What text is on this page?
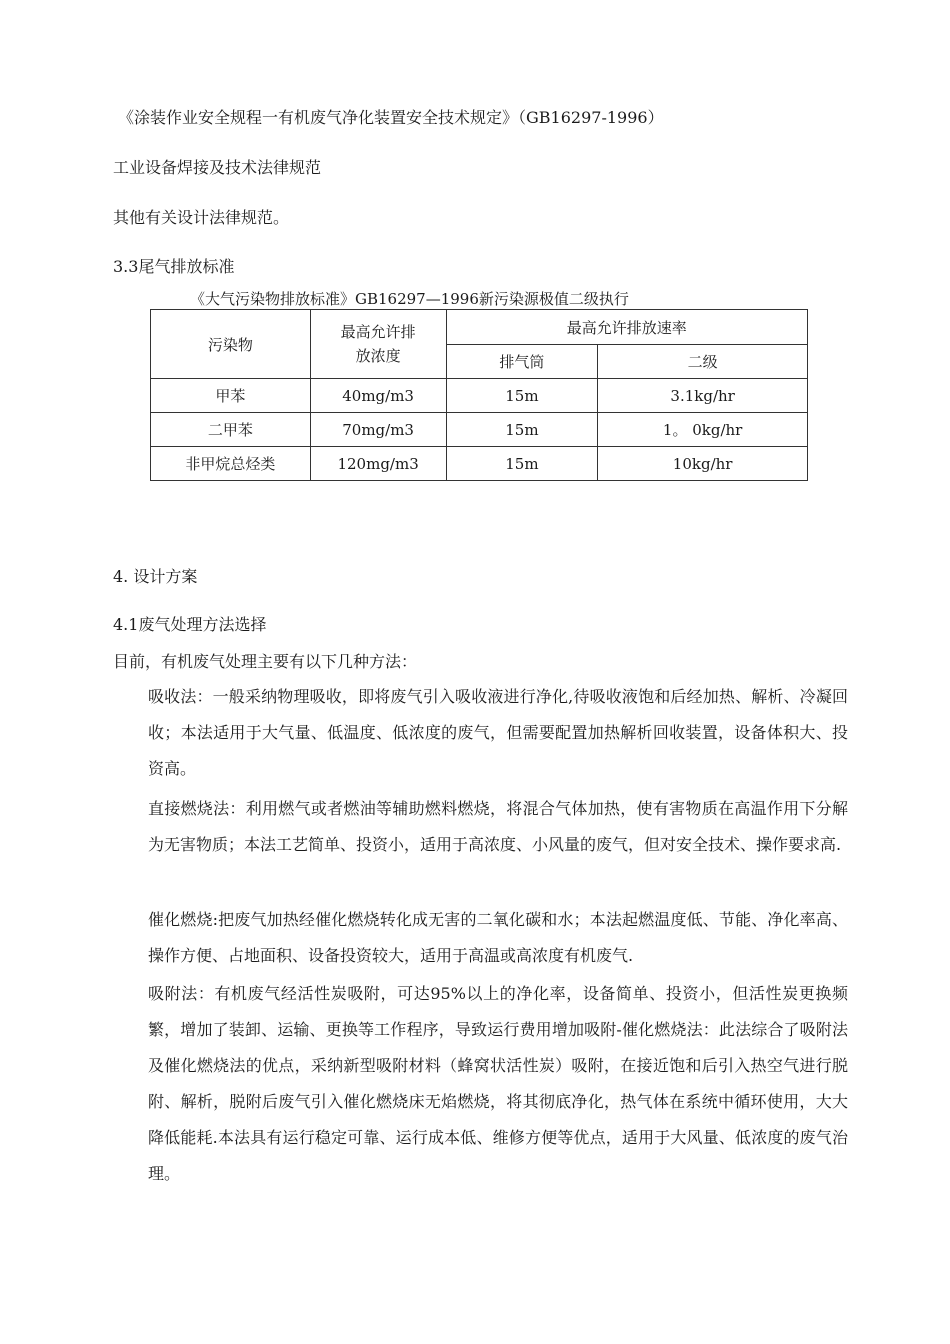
《涂装作业安全规程一有机废气净化装置安全技术规定》（GB16297-1996）
工业设备焊接及技术法律规范
其他有关设计法律规范。
3.3尾气排放标准
《大气污染物排放标准》GB16297—1996新污染源极值二级执行
污染物	最高允许排放浓度	最高允许排放速率	
		排气筒	二级
甲苯	40mg/m3	15m	3.1kg/hr
二甲苯	70mg/m3	15m	1。 0kg/hr
非甲烷总烃类	120mg/m3	15m	10kg/hr
4. 设计方案
4.1废气处理方法选择
目前，有机废气处理主要有以下几种方法：
吸收法：一般采纳物理吸收，即将废气引入吸收液进行净化,待吸收液饱和后经加热、解析、冷凝回收；本法适用于大气量、低温度、低浓度的废气，但需要配置加热解析回收装置，设备体积大、投资高。
直接燃烧法：利用燃气或者燃油等辅助燃料燃烧，将混合气体加热，使有害物质在高温作用下分解为无害物质；本法工艺简单、投资小，适用于高浓度、小风量的废气，但对安全技术、操作要求高.
催化燃烧:把废气加热经催化燃烧转化成无害的二氧化碳和水；本法起燃温度低、节能、净化率高、操作方便、占地面积、设备投资较大，适用于高温或高浓度有机废气.
吸附法：有机废气经活性炭吸附，可达95%以上的净化率，设备简单、投资小，但活性炭更换频繁，增加了装卸、运输、更换等工作程序，导致运行费用增加吸附-催化燃烧法：此法综合了吸附法及催化燃烧法的优点，采纳新型吸附材料（蜂窝状活性炭）吸附，在接近饱和后引入热空气进行脱附、解析，脱附后废气引入催化燃烧床无焰燃烧，将其彻底净化，热气体在系统中循环使用，大大降低能耗.本法具有运行稳定可靠、运行成本低、维修方便等优点，适用于大风量、低浓度的废气治理。
